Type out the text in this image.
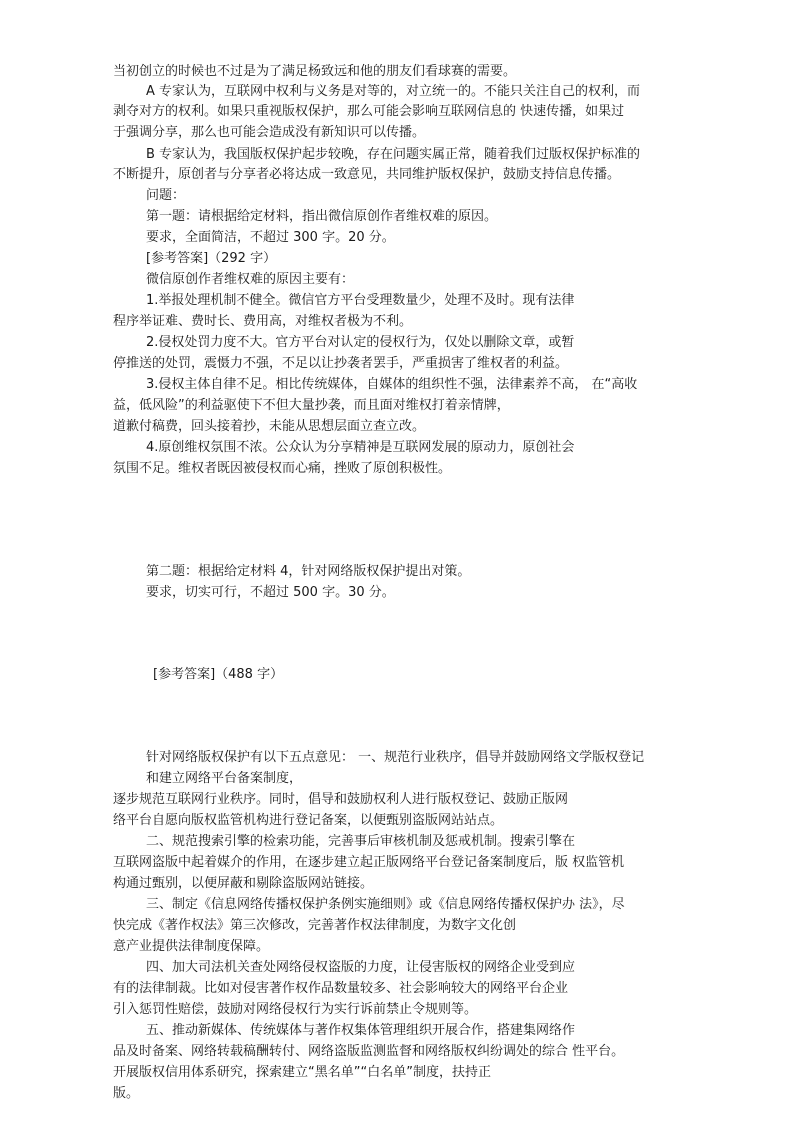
当初创立的时候也不过是为了满足杨致远和他的朋友们看球赛的需要。
A 专家认为，互联网中权利与义务是对等的，对立统一的。不能只关注自己的权利，而
剥夺对方的权利。如果只重视版权保护，那么可能会影响互联网信息的 快速传播，如果过
于强调分享，那么也可能会造成没有新知识可以传播。
B 专家认为，我国版权保护起步较晚，存在问题实属正常，随着我们过版权保护标准的
不断提升，原创者与分享者必将达成一致意见，共同维护版权保护，鼓励支持信息传播。
问题：
第一题：请根据给定材料，指出微信原创作者维权难的原因。
要求，全面简洁，不超过 300 字。20 分。
[参考答案]（292 字）
微信原创作者维权难的原因主要有：
1.举报处理机制不健全。微信官方平台受理数量少，处理不及时。现有法律
程序举证难、费时长、费用高，对维权者极为不利。
2.侵权处罚力度不大。官方平台对认定的侵权行为，仅处以删除文章，或暂
停推送的处罚，震慑力不强，不足以让抄袭者罢手，严重损害了维权者的利益。
3.侵权主体自律不足。相比传统媒体，自媒体的组织性不强，法律素养不高， 在“高收
益，低风险”的利益驱使下不但大量抄袭，而且面对维权打着亲情牌，
道歉付稿费，回头接着抄，未能从思想层面立查立改。
4.原创维权氛围不浓。公众认为分享精神是互联网发展的原动力，原创社会
氛围不足。维权者既因被侵权而心痛，挫败了原创积极性。
第二题：根据给定材料 4，针对网络版权保护提出对策。
要求，切实可行，不超过 500 字。30 分。
[参考答案]（488 字）
针对网络版权保护有以下五点意见： 一、规范行业秩序，倡导并鼓励网络文学版权登记
和建立网络平台备案制度，
逐步规范互联网行业秩序。同时，倡导和鼓励权利人进行版权登记、鼓励正版网
络平台自愿向版权监管机构进行登记备案，以便甄别盗版网站站点。
二、规范搜索引擎的检索功能，完善事后审核机制及惩戒机制。搜索引擎在
互联网盗版中起着媒介的作用，在逐步建立起正版网络平台登记备案制度后，版 权监管机
构通过甄别，以便屏蔽和剔除盗版网站链接。
三、制定《信息网络传播权保护条例实施细则》或《信息网络传播权保护办 法》，尽
快完成《著作权法》第三次修改，完善著作权法律制度，为数字文化创
意产业提供法律制度保障。
四、加大司法机关查处网络侵权盗版的力度，让侵害版权的网络企业受到应
有的法律制裁。比如对侵害著作权作品数量较多、社会影响较大的网络平台企业
引入惩罚性赔偿，鼓励对网络侵权行为实行诉前禁止令规则等。
五、推动新媒体、传统媒体与著作权集体管理组织开展合作，搭建集网络作
品及时备案、网络转载稿酬转付、网络盗版监测监督和网络版权纠纷调处的综合 性平台。
开展版权信用体系研究，探索建立“黑名单”“白名单”制度，扶持正
版。
